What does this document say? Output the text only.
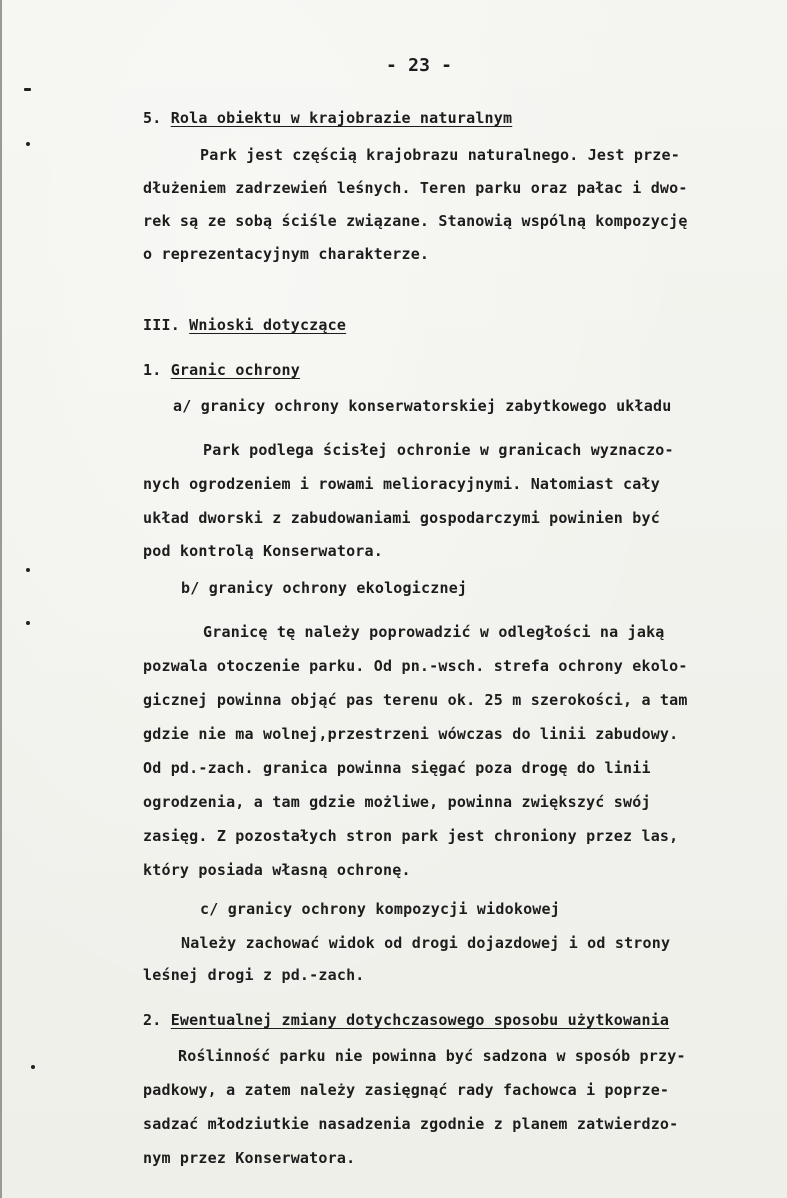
- 23 -
5. Rola obiektu w krajobrazie naturalnym
Park jest częścią krajobrazu naturalnego. Jest prze-
dłużeniem zadrzewień leśnych. Teren parku oraz pałac i dwo-
rek są ze sobą ściśle związane. Stanowią wspólną kompozycję
o reprezentacyjnym charakterze.
III. Wnioski dotyczące
1. Granic ochrony
a/ granicy ochrony konserwatorskiej zabytkowego układu
Park podlega ścisłej ochronie w granicach wyznaczo-
nych ogrodzeniem i rowami melioracyjnymi. Natomiast cały
układ dworski z zabudowaniami gospodarczymi powinien być
pod kontrolą Konserwatora.
b/ granicy ochrony ekologicznej
Granicę tę należy poprowadzić w odległości na jaką
pozwala otoczenie parku. Od pn.-wsch. strefa ochrony ekolo-
gicznej powinna objąć pas terenu ok. 25 m szerokości, a tam
gdzie nie ma wolnej,przestrzeni wówczas do linii zabudowy.
Od pd.-zach. granica powinna sięgać poza drogę do linii
ogrodzenia, a tam gdzie możliwe, powinna zwiększyć swój
zasięg. Z pozostałych stron park jest chroniony przez las,
który posiada własną ochronę.
c/ granicy ochrony kompozycji widokowej
Należy zachować widok od drogi dojazdowej i od strony
leśnej drogi z pd.-zach.
2. Ewentualnej zmiany dotychczasowego sposobu użytkowania
Roślinność parku nie powinna być sadzona w sposób przy-
padkowy, a zatem należy zasięgnąć rady fachowca i poprze-
sadzać młodziutkie nasadzenia zgodnie z planem zatwierdzo-
nym przez Konserwatora.
